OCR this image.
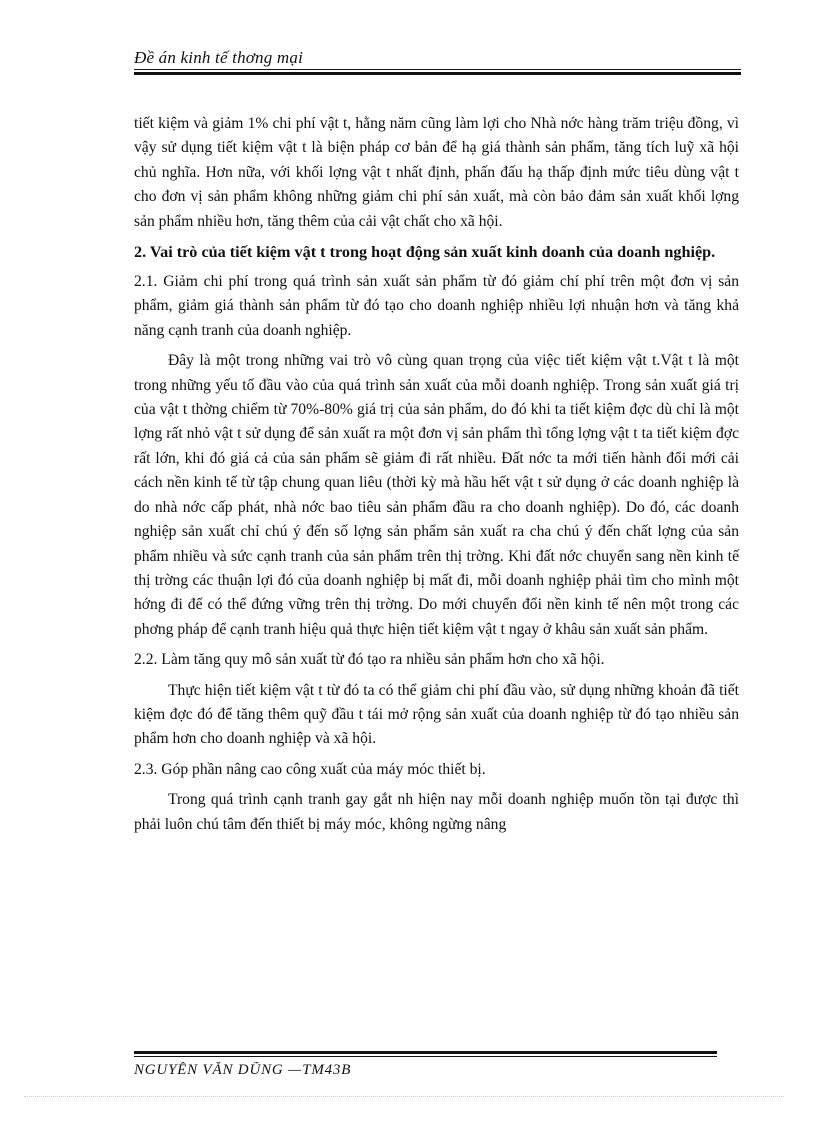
Đề án kinh tế thơng mại

tiết kiệm và giảm 1% chi phí vật t, hằng năm cũng làm lợi cho Nhà nớc hàng trăm triệu đồng, vì vậy sử dụng tiết kiệm vật t là biện pháp cơ bản để hạ giá thành sản phẩm, tăng tích luỹ xã hội chủ nghĩa. Hơn nữa, với khối lợng vật t nhất định, phấn đấu hạ thấp định mức tiêu dùng vật t cho đơn vị sản phẩm không những giảm chi phí sản xuất, mà còn bảo đảm sản xuất khối lợng sản phẩm nhiều hơn, tăng thêm của cải vật chất cho xã hội.

2. Vai trò của tiết kiệm vật t trong hoạt động sản xuất kinh doanh của doanh nghiệp.

2.1. Giảm chi phí trong quá trình sản xuất sản phẩm từ đó giảm chí phí trên một đơn vị sản phẩm, giảm giá thành sản phẩm từ đó tạo cho doanh nghiệp nhiều lợi nhuận hơn và tăng khả năng cạnh tranh của doanh nghiệp.

Đây là một trong những vai trò vô cùng quan trọng của việc tiết kiệm vật t.Vật t là một trong những yếu tố đầu vào của quá trình sản xuất của mỗi doanh nghiệp. Trong sản xuất giá trị của vật t thờng chiếm từ 70%-80% giá trị của sản phẩm, do đó khi ta tiết kiệm đợc dù chỉ là một lợng rất nhỏ vật t sử dụng để sản xuất ra một đơn vị sản phẩm thì tổng lợng vật t ta tiết kiệm đợc rất lớn, khi đó giá cả của sản phẩm sẽ giảm đi rất nhiều. Đất nớc ta mới tiến hành đổi mới cải cách nền kinh tế từ tập chung quan liêu (thời kỳ mà hầu hết vật t sử dụng ở các doanh nghiệp là do nhà nớc cấp phát, nhà nớc bao tiêu sản phẩm đầu ra cho doanh nghiệp). Do đó, các doanh nghiệp sản xuất chỉ chú ý đến số lợng sản phẩm sản xuất ra cha chú ý đến chất lợng của sản phẩm nhiều và sức cạnh tranh của sản phẩm trên thị trờng. Khi đất nớc chuyển sang nền kinh tế thị trờng các thuận lợi đó của doanh nghiệp bị mất đi, mỗi doanh nghiệp phải tìm cho mình một hớng đi để có thể đứng vững trên thị trờng. Do mới chuyển đổi nền kinh tế nên một trong các phơng pháp để cạnh tranh hiệu quả thực hiện tiết kiệm vật t ngay ở khâu sản xuất sản phẩm.

2.2. Làm tăng quy mô sản xuất từ đó tạo ra nhiều sản phẩm hơn cho xã hội.

Thực hiện tiết kiệm vật t từ đó ta có thể giảm chi phí đầu vào, sử dụng những khoản đã tiết kiệm đợc đó để tăng thêm quỹ đầu t tái mở rộng sản xuất của doanh nghiệp từ đó tạo nhiều sản phẩm hơn cho doanh nghiệp và xã hội.

2.3. Góp phần nâng cao công xuất của máy móc thiết bị.

Trong quá trình cạnh tranh gay gắt nh hiện nay mỗi doanh nghiệp muốn tồn tại được thì phải luôn chú tâm đến thiết bị máy móc, không ngừng nâng

NGUYỄN VĂN DŨNG —TM43B
